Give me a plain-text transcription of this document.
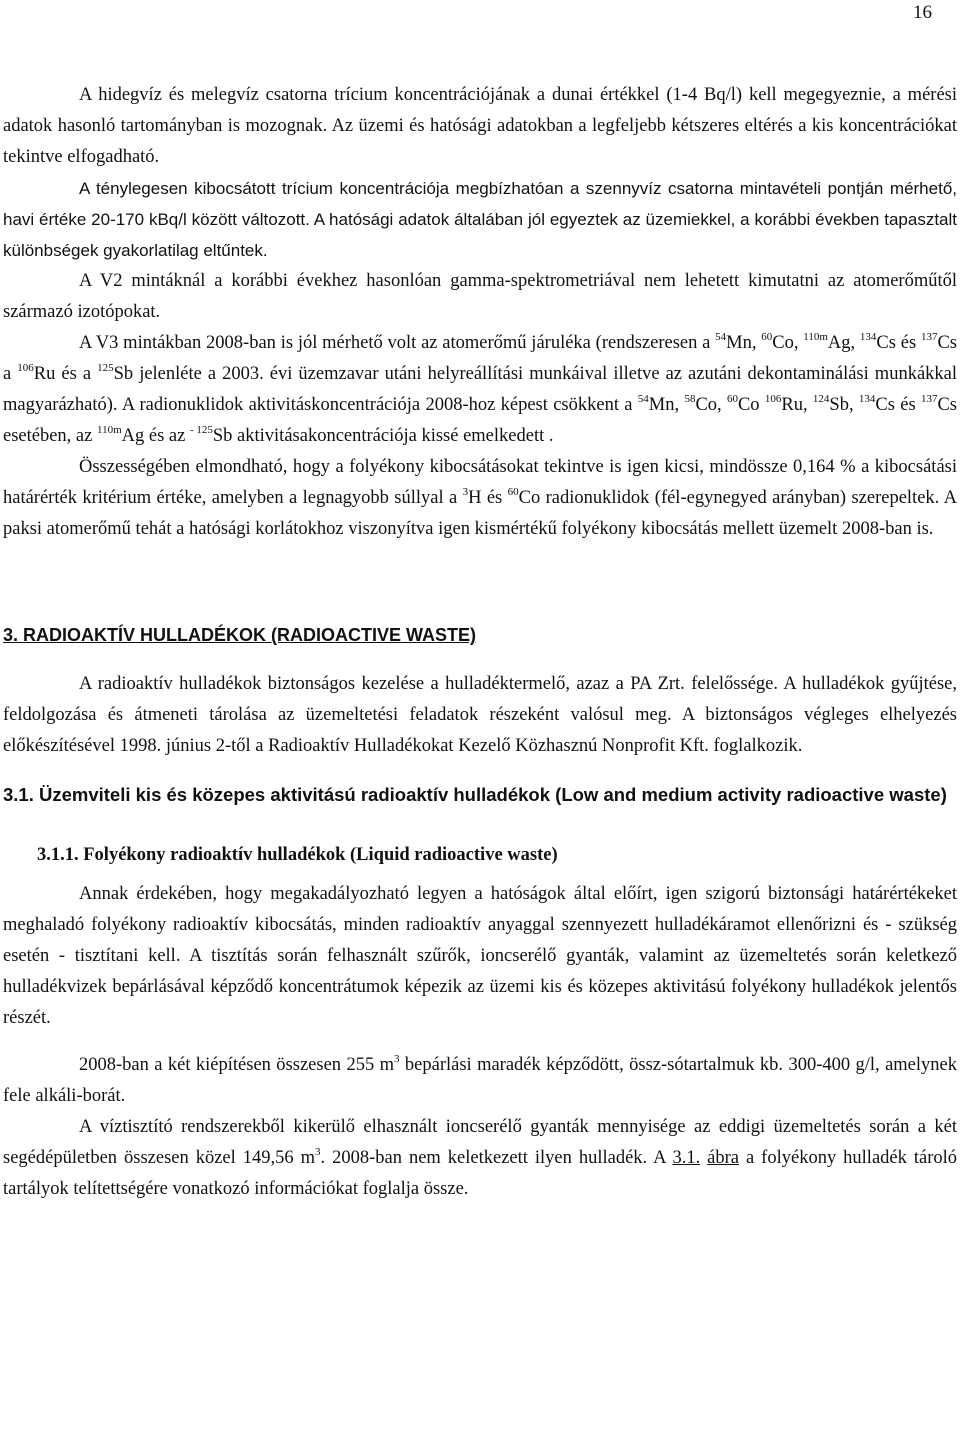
16

A hidegvíz és melegvíz csatorna trícium koncentrációjának a dunai értékkel (1-4 Bq/l) kell megegyeznie, a mérési adatok hasonló tartományban is mozognak. Az üzemi és hatósági adatokban a legfeljebb kétszeres eltérés a kis koncentrációkat tekintve elfogadható.

A ténylegesen kibocsátott trícium koncentrációja megbízhatóan a szennyvíz csatorna mintavételi pontján mérhető, havi értéke 20-170 kBq/l között változott. A hatósági adatok általában jól egyeztek az üzemiekkel, a korábbi években tapasztalt különbségek gyakorlatilag eltűntek.

A V2 mintáknál a korábbi évekhez hasonlóan gamma-spektrometriával nem lehetett kimutatni az atomerőműtől származó izotópokat.

A V3 mintákban 2008-ban is jól mérhető volt az atomerőmű járuléka (rendszeresen a $^{54}$Mn, $^{60}$Co, $^{110m}$Ag, $^{134}$Cs és $^{137}$Cs a $^{106}$Ru és a $^{125}$Sb jelenléte a 2003. évi üzemzavar utáni helyreállítási munkáival illetve az azutáni dekontaminálási munkákkal magyarázható). A radionuklidok aktivitáskoncentrációja 2008-hoz képest csökkent a $^{54}$Mn, $^{58}$Co, $^{60}$Co $^{106}$Ru, $^{124}$Sb, $^{134}$Cs és $^{137}$Cs esetében, az $^{110m}$Ag és az $^{- 125}$Sb aktivitásakoncentrációja kissé emelkedett .

Összességében elmondható, hogy a folyékony kibocsátásokat tekintve is igen kicsi, mindössze 0,164 % a kibocsátási határérték kritérium értéke, amelyben a legnagyobb súllyal a $^3$H és $^{60}$Co radionuklidok (fél-egynegyed arányban) szerepeltek. A paksi atomerőmű tehát a hatósági korlátokhoz viszonyítva igen kismértékű folyékony kibocsátás mellett üzemelt 2008-ban is.

3. RADIOAKTÍV HULLADÉKOK (RADIOACTIVE WASTE)

A radioaktív hulladékok biztonságos kezelése a hulladéktermelő, azaz a PA Zrt. felelőssége. A hulladékok gyűjtése, feldolgozása és átmeneti tárolása az üzemeltetési feladatok részeként valósul meg. A biztonságos végleges elhelyezés előkészítésével 1998. június 2-től a Radioaktív Hulladékokat Kezelő Közhasznú Nonprofit Kft. foglalkozik.

3.1. Üzemviteli kis és közepes aktivitású radioaktív hulladékok (Low and medium activity radioactive waste)
3.1.1. Folyékony radioaktív hulladékok (Liquid radioactive waste)

Annak érdekében, hogy megakadályozható legyen a hatóságok által előírt, igen szigorú biztonsági határértékeket meghaladó folyékony radioaktív kibocsátás, minden radioaktív anyaggal szennyezett hulladékáramot ellenőrizni és - szükség esetén - tisztítani kell. A tisztítás során felhasznált szűrők, ioncserélő gyanták, valamint az üzemeltetés során keletkező hulladékvizek bepárlásával képződő koncentrátumok képezik az üzemi kis és közepes aktivitású folyékony hulladékok jelentős részét.

2008-ban a két kiépítésen összesen 255 $m^3$ bepárlási maradék képződött, össz-sótartalmuk kb. 300-400 g/l, amelynek fele alkáli-borát.

A víztisztító rendszerekből kikerülő elhasznált ioncserélő gyanták mennyisége az eddigi üzemeltetés során a két segédépületben összesen közel 149,56 $m^3$. 2008-ban nem keletkezett ilyen hulladék. A 3.1. ábra a folyékony hulladék tároló tartályok telítettségére vonatkozó információkat foglalja össze.
